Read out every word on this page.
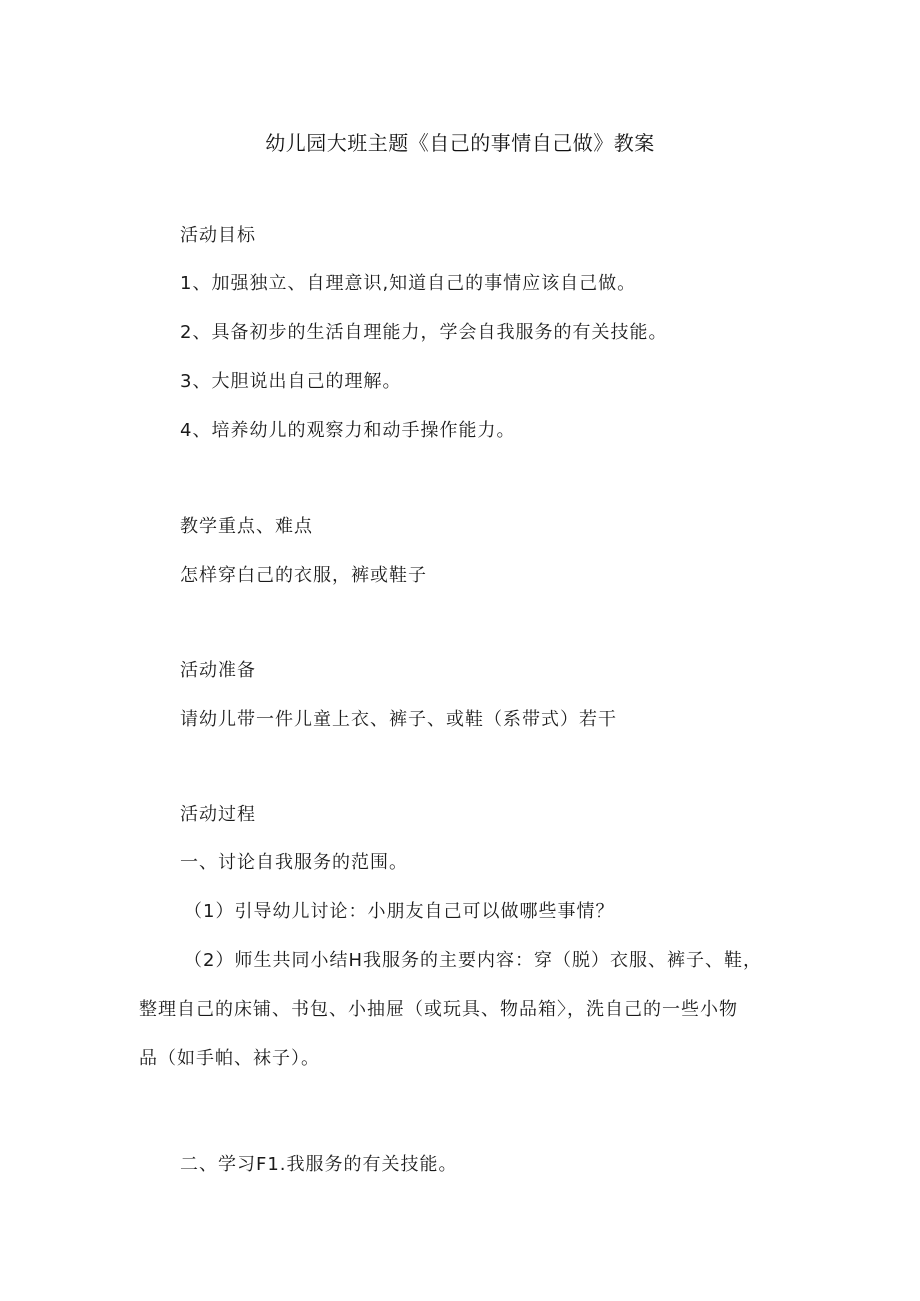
幼儿园大班主题《自己的事情自己做》教案
活动目标
1、加强独立、自理意识,知道自己的事情应该自己做。
2、具备初步的生活自理能力，学会自我服务的有关技能。
3、大胆说出自己的理解。
4、培养幼儿的观察力和动手操作能力。
教学重点、难点
怎样穿白己的衣服，裤或鞋子
活动准备
请幼儿带一件儿童上衣、裤子、或鞋（系带式）若干
活动过程
一、讨论自我服务的范围。
（1）引导幼儿讨论：小朋友自己可以做哪些事情？
（2）师生共同小结H我服务的主要内容：穿（脱）衣服、裤子、鞋，
整理自己的床铺、书包、小抽屉（或玩具、物品箱〉，洗自己的一些小物
品（如手帕、袜子）。
二、学习F1.我服务的有关技能。
